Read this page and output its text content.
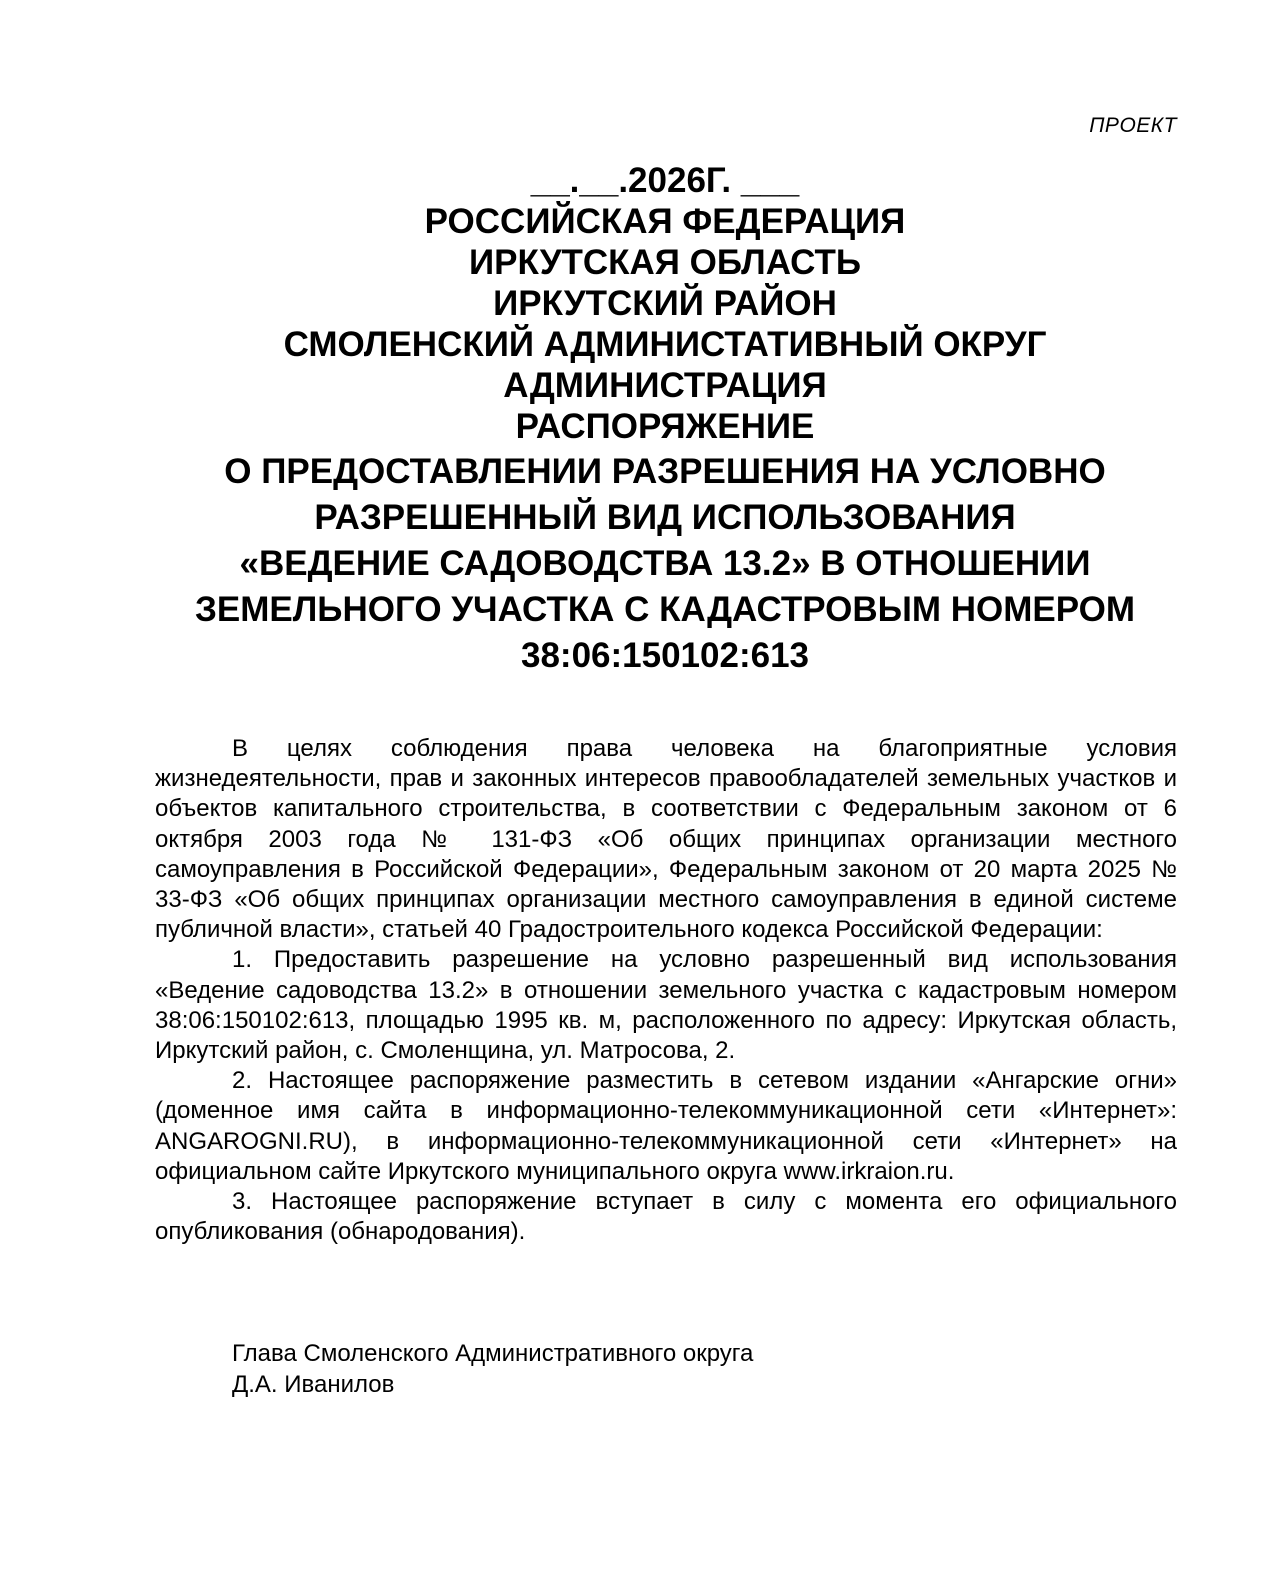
ПРОЕКТ
__.__.2026Г. ___
РОССИЙСКАЯ ФЕДЕРАЦИЯ
ИРКУТСКАЯ ОБЛАСТЬ
ИРКУТСКИЙ РАЙОН
СМОЛЕНСКИЙ АДМИНИСТАТИВНЫЙ ОКРУГ
АДМИНИСТРАЦИЯ
РАСПОРЯЖЕНИЕ
О ПРЕДОСТАВЛЕНИИ РАЗРЕШЕНИЯ НА УСЛОВНО
РАЗРЕШЕННЫЙ ВИД ИСПОЛЬЗОВАНИЯ
«ВЕДЕНИЕ САДОВОДСТВА 13.2» В ОТНОШЕНИИ
ЗЕМЕЛЬНОГО УЧАСТКА С КАДАСТРОВЫМ НОМЕРОМ
38:06:150102:613

В целях соблюдения права человека на благоприятные условия жизнедеятельности, прав и законных интересов правообладателей земельных участков и объектов капитального строительства, в соответствии с Федеральным законом от 6 октября 2003 года № 131-ФЗ «Об общих принципах организации местного самоуправления в Российской Федерации», Федеральным законом от 20 марта 2025 № 33-ФЗ «Об общих принципах организации местного самоуправления в единой системе публичной власти», статьей 40 Градостроительного кодекса Российской Федерации:

1. Предоставить разрешение на условно разрешенный вид использования «Ведение садоводства 13.2» в отношении земельного участка с кадастровым номером 38:06:150102:613, площадью 1995 кв. м, расположенного по адресу: Иркутская область, Иркутский район, с. Смоленщина, ул. Матросова, 2.

2. Настоящее распоряжение разместить в сетевом издании «Ангарские огни» (доменное имя сайта в информационно-телекоммуникационной сети «Интернет»: ANGAROGNI.RU), в информационно-телекоммуникационной сети «Интернет» на официальном сайте Иркутского муниципального округа www.irkraion.ru.

3. Настоящее распоряжение вступает в силу с момента его официального опубликования (обнародования).

Глава Смоленского Административного округа
Д.А. Иванилов
